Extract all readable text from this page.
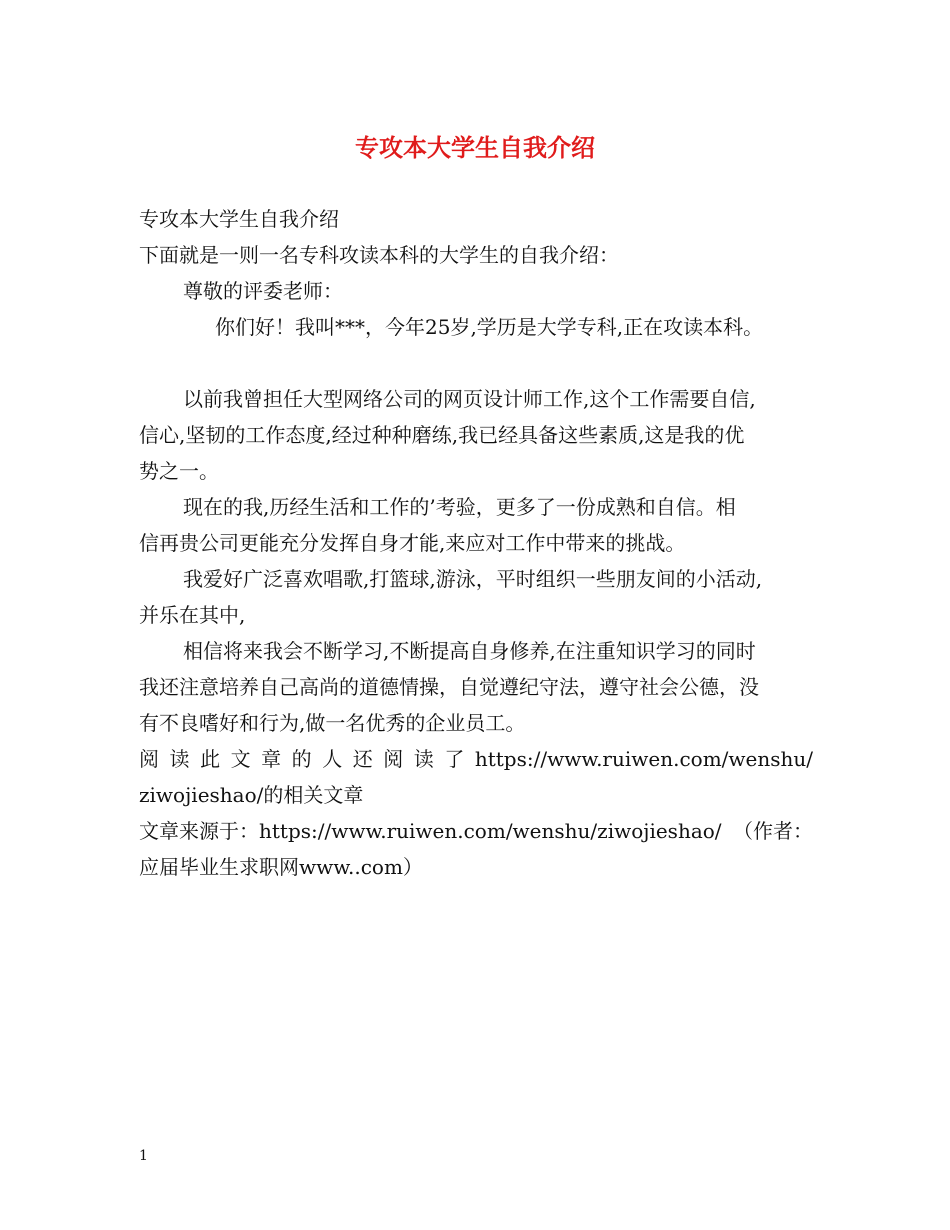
专攻本大学生自我介绍
专攻本大学生自我介绍
下面就是一则一名专科攻读本科的大学生的自我介绍：
尊敬的评委老师：
你们好！我叫***，今年25岁,学历是大学专科,正在攻读本科。
以前我曾担任大型网络公司的网页设计师工作,这个工作需要自信,
信心,坚韧的工作态度,经过种种磨练,我已经具备这些素质,这是我的优
势之一。
现在的我,历经生活和工作的’考验，更多了一份成熟和自信。相
信再贵公司更能充分发挥自身才能,来应对工作中带来的挑战。
我爱好广泛喜欢唱歌,打篮球,游泳，平时组织一些朋友间的小活动,
并乐在其中,
相信将来我会不断学习,不断提高自身修养,在注重知识学习的同时
我还注意培养自己高尚的道德情操，自觉遵纪守法，遵守社会公德，没
有不良嗜好和行为,做一名优秀的企业员工。
阅 读 此 文 章 的 人 还 阅 读 了 https://www.ruiwen.com/wenshu/
ziwojieshao/的相关文章
文章来源于：https://www.ruiwen.com/wenshu/ziwojieshao/ （作者：
应届毕业生求职网www..com）
1
